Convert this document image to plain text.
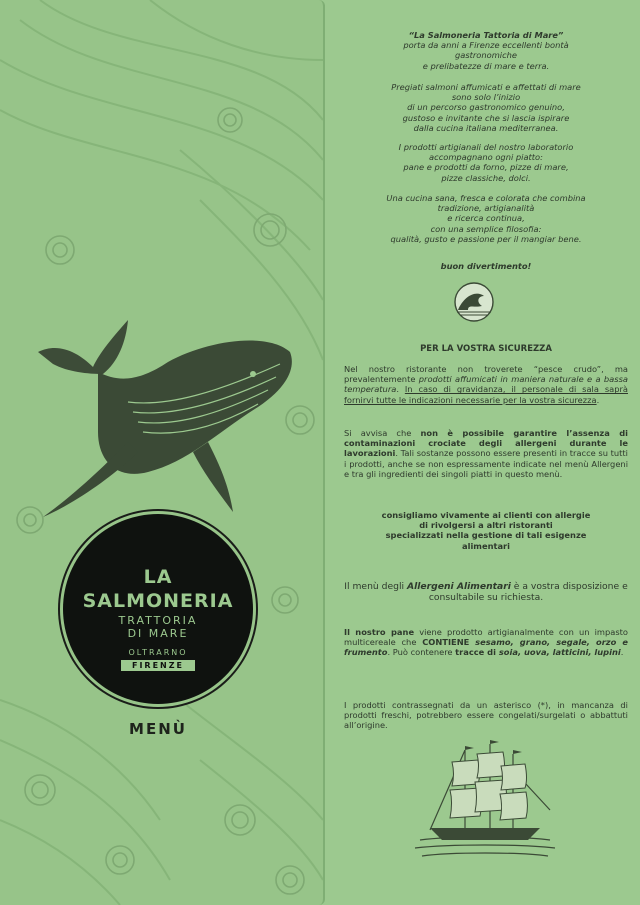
LA
SALMONERIA
TRATTORIA
DI MARE
OLTRARNO
FIRENZE
MENÙ
“La Salmoneria Tattoria di Mare”
porta da anni a Firenze eccellenti bontà
gastronomiche
e prelibatezze di mare e terra.
Pregiati salmoni affumicati e affettati di mare
sono solo l’inizio
di un percorso gastronomico genuino,
gustoso e invitante che si lascia ispirare
dalla cucina italiana mediterranea.
I prodotti artigianali del nostro laboratorio
accompagnano ogni piatto:
pane e prodotti da forno, pizze di mare,
pizze classiche, dolci.
Una cucina sana, fresca e colorata che combina
tradizione, artigianalità
e ricerca continua,
con una semplice filosofia:
qualità, gusto e passione per il mangiar bene.
buon divertimento!
PER LA VOSTRA SICUREZZA
Nel nostro ristorante non troverete “pesce crudo”, ma prevalentemente prodotti affumicati in maniera naturale e a bassa temperatura. In caso di gravidanza, il personale di sala saprà fornirvi tutte le indicazioni necessarie per la vostra sicurezza.
Si avvisa che non è possibile garantire l’assenza di contaminazioni crociate degli allergeni durante le lavorazioni. Tali sostanze possono essere presenti in tracce su tutti i prodotti, anche se non espressamente indicate nel menù Allergeni e tra gli ingredienti dei singoli piatti in questo menù.
consigliamo vivamente ai clienti con allergie
di rivolgersi a altri ristoranti
specializzati nella gestione di tali esigenze
alimentari
Il menù degli Allergeni Alimentari è a vostra disposizione e consultabile su richiesta.
Il nostro pane viene prodotto artigianalmente con un impasto multicereale che CONTIENE sesamo, grano, segale, orzo e frumento. Può contenere tracce di soia, uova, latticini, lupini.
I prodotti contrassegnati da un asterisco (*), in mancanza di prodotti freschi, potrebbero essere congelati/surgelati o abbattuti all’origine.
